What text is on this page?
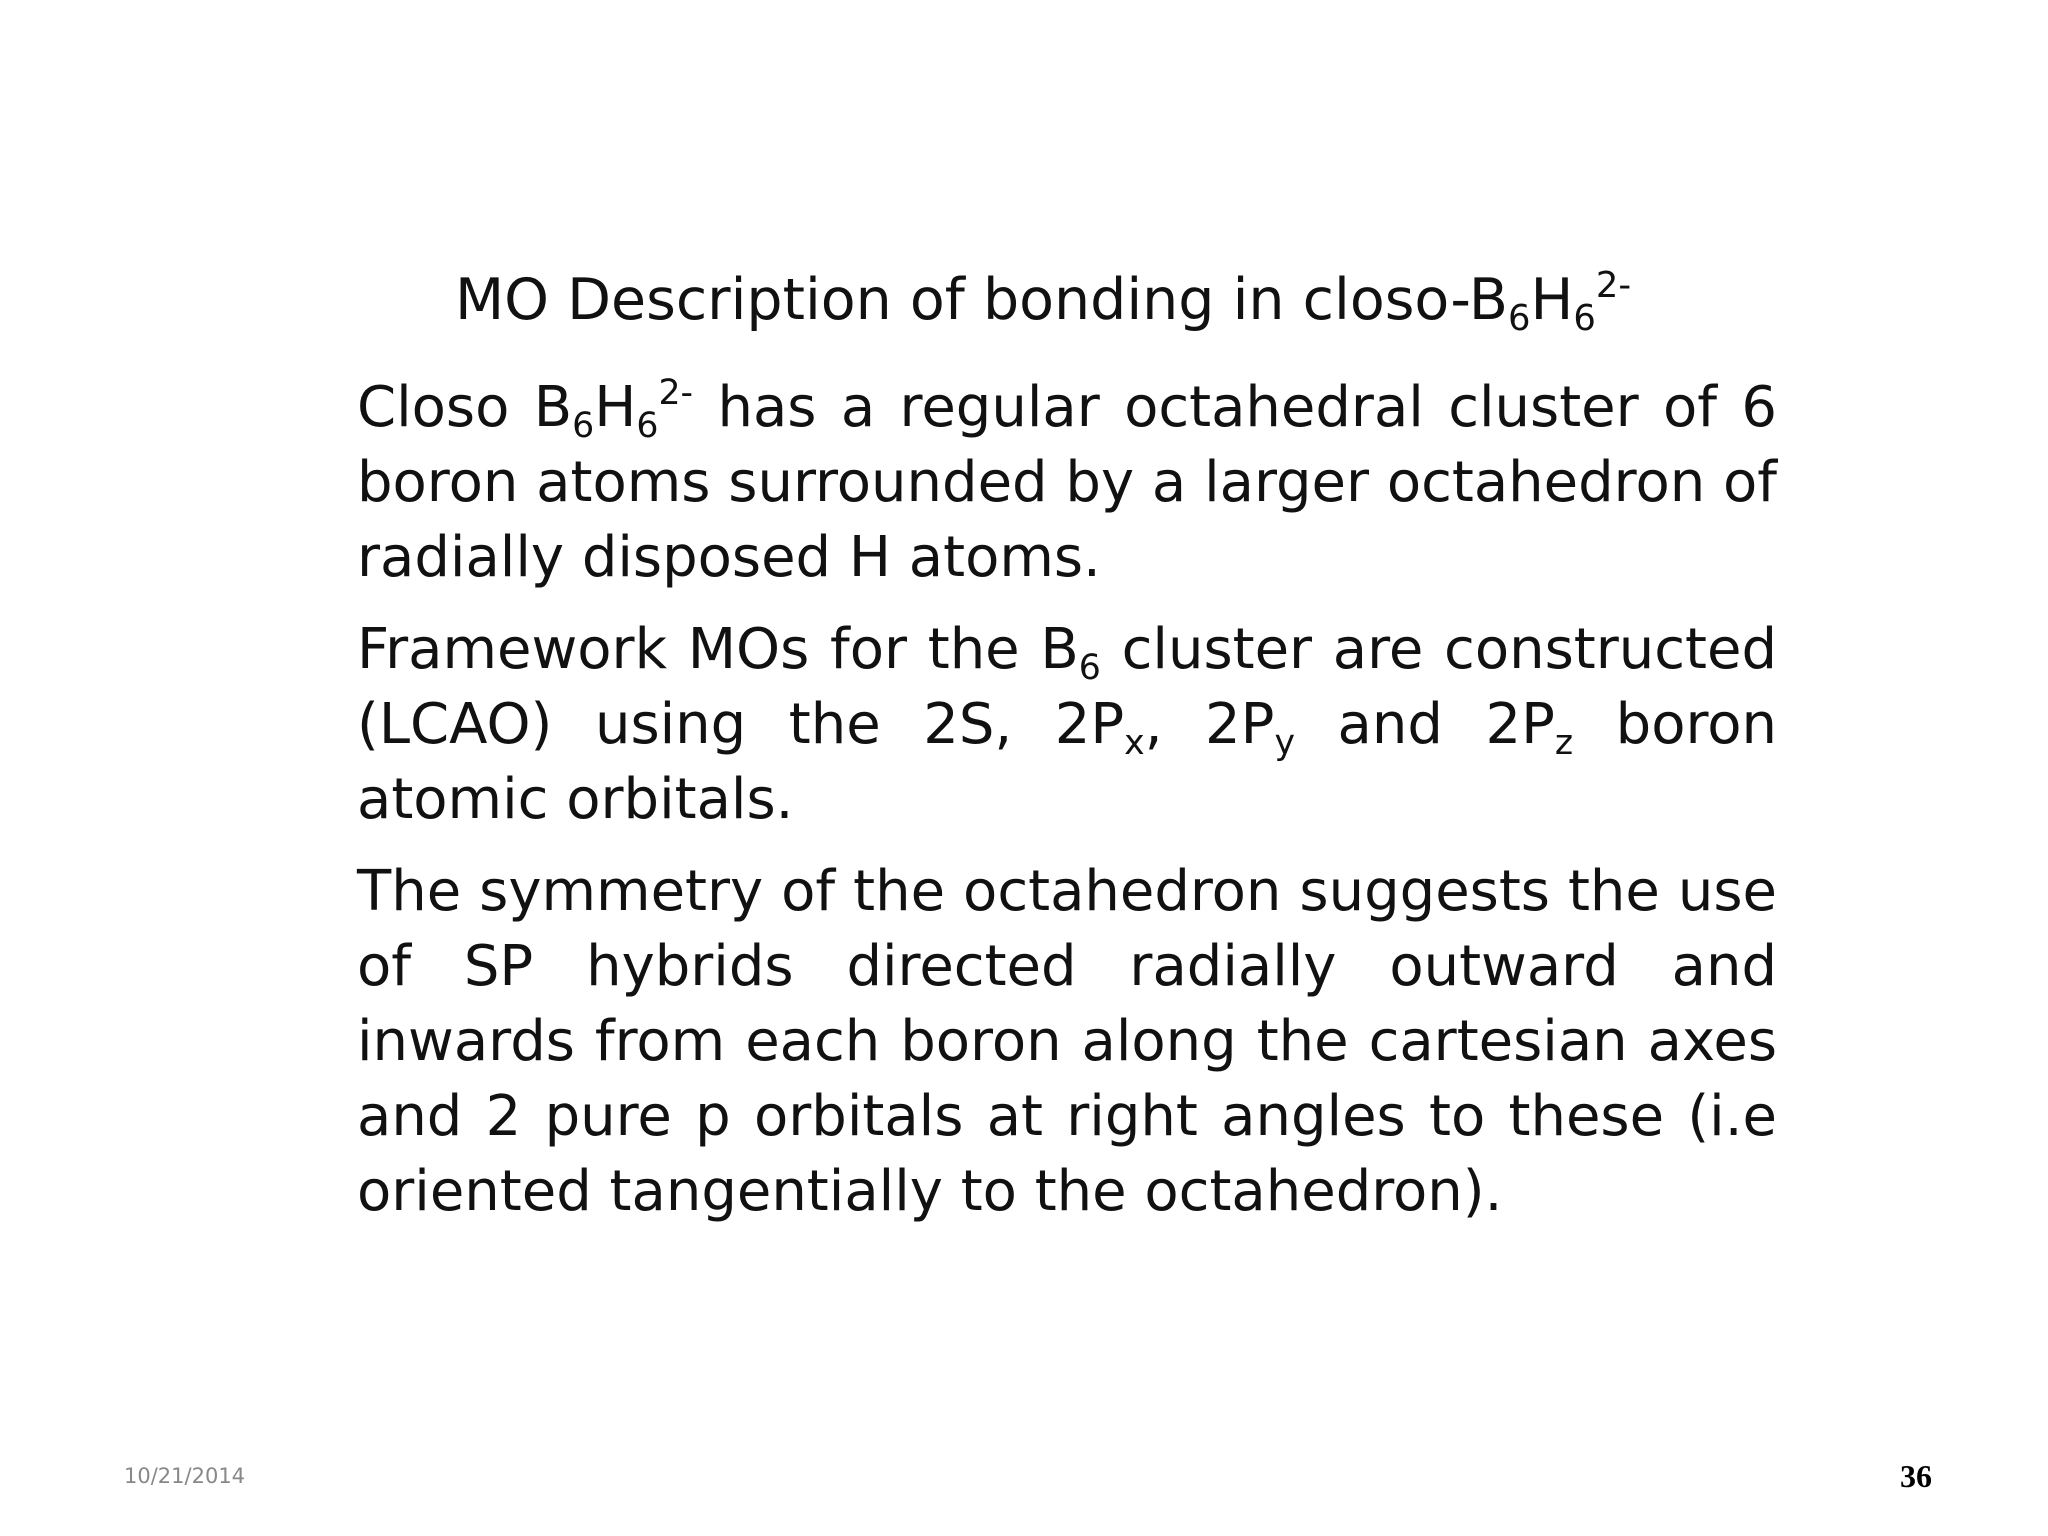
MO Description of bonding in closo-$B_6H_6^{2-}$

Closo $B_6H_6^{2-}$ has a regular octahedral cluster of 6 boron atoms surrounded by a larger octahedron of radially disposed H atoms.

Framework MOs for the $B_6$ cluster are constructed (LCAO) using the 2S, $2P_x$, $2P_y$ and $2P_z$ boron atomic orbitals.

The symmetry of the octahedron suggests the use of SP hybrids directed radially outward and inwards from each boron along the cartesian axes and 2 pure p orbitals at right angles to these (i.e oriented tangentially to the octahedron).

10/21/2014	36
